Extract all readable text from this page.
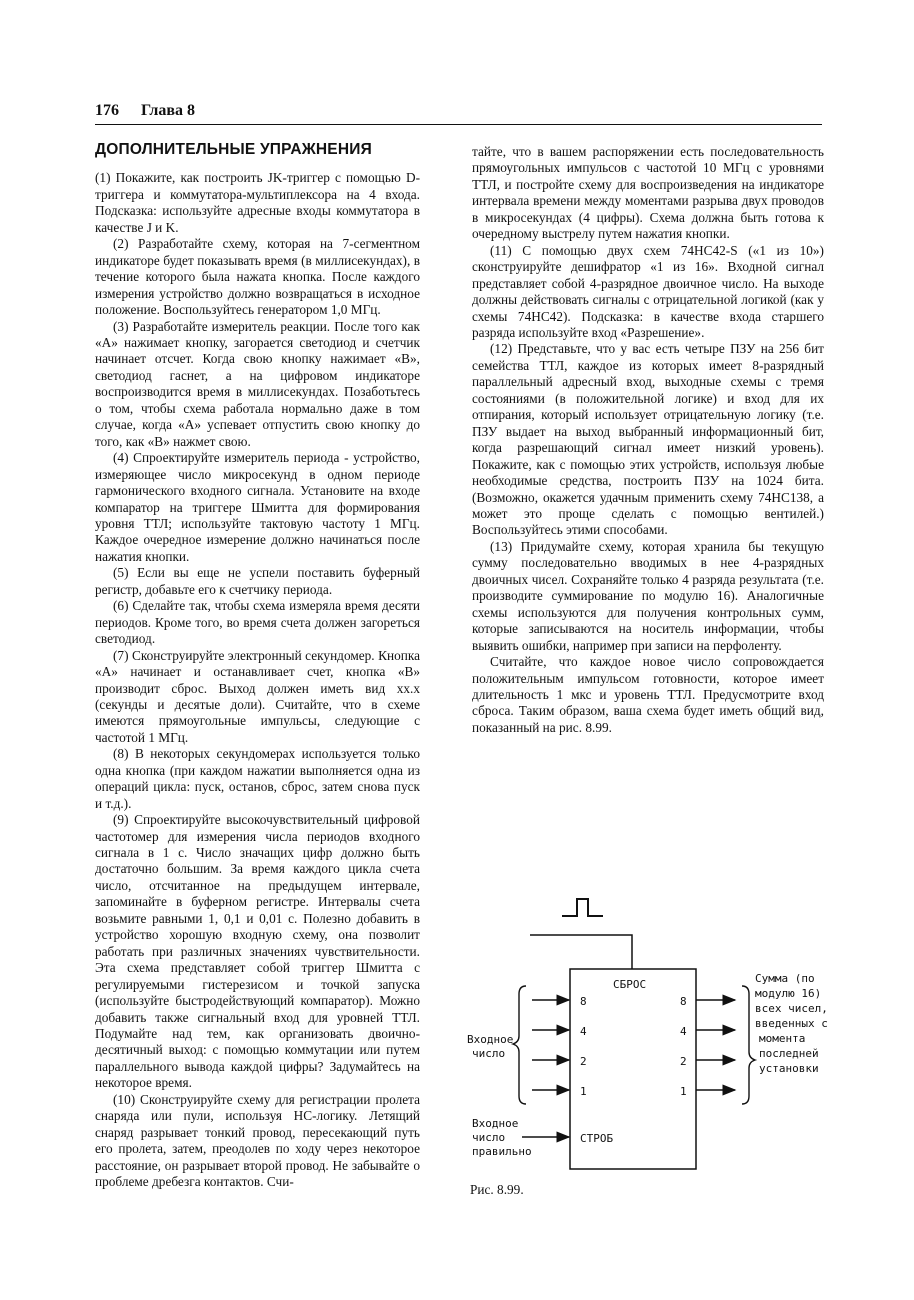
176 Глава 8
ДОПОЛНИТЕЛЬНЫЕ УПРАЖНЕНИЯ

(1) Покажите, как построить JK-триггер с помощью D-триггера и коммутатора-мультиплексора на 4 входа. Подсказка: используйте адресные входы коммутатора в качестве J и K.

(2) Разработайте схему, которая на 7-сегментном индикаторе будет показывать время (в миллисекундах), в течение которого была нажата кнопка. После каждого измерения устройство должно возвращаться в исходное положение. Воспользуйтесь генератором 1,0 МГц.

(3) Разработайте измеритель реакции. После того как «А» нажимает кнопку, загорается светодиод и счетчик начинает отсчет. Когда свою кнопку нажимает «В», светодиод гаснет, а на цифровом индикаторе воспроизводится время в миллисекундах. Позаботьтесь о том, чтобы схема работала нормально даже в том случае, когда «А» успевает отпустить свою кнопку до того, как «В» нажмет свою.

(4) Спроектируйте измеритель периода - устройство, измеряющее число микросекунд в одном периоде гармонического входного сигнала. Установите на входе компаратор на триггере Шмитта для формирования уровня ТТЛ; используйте тактовую частоту 1 МГц. Каждое очередное измерение должно начинаться после нажатия кнопки.

(5) Если вы еще не успели поставить буферный регистр, добавьте его к счетчику периода.

(6) Сделайте так, чтобы схема измеряла время десяти периодов. Кроме того, во время счета должен загореться светодиод.

(7) Сконструируйте электронный секундомер. Кнопка «А» начинает и останавливает счет, кнопка «В» производит сброс. Выход должен иметь вид xx.x (секунды и десятые доли). Считайте, что в схеме имеются прямоугольные импульсы, следующие с частотой 1 МГц.

(8) В некоторых секундомерах используется только одна кнопка (при каждом нажатии выполняется одна из операций цикла: пуск, останов, сброс, затем снова пуск и т.д.).

(9) Спроектируйте высокочувствительный цифровой частотомер для измерения числа периодов входного сигнала в 1 с. Число значащих цифр должно быть достаточно большим. За время каждого цикла счета число, отсчитанное на предыдущем интервале, запоминайте в буферном регистре. Интервалы счета возьмите равными 1, 0,1 и 0,01 с. Полезно добавить в устройство хорошую входную схему, она позволит работать при различных значениях чувствительности. Эта схема представляет собой триггер Шмитта с регулируемыми гистерезисом и точкой запуска (используйте быстродействующий компаратор). Можно добавить также сигнальный вход для уровней ТТЛ. Подумайте над тем, как организовать двоично-десятичный выход: с помощью коммутации или путем параллельного вывода каждой цифры? Задумайтесь на некоторое время.

(10) Сконструируйте схему для регистрации пролета снаряда или пули, используя НС-логику. Летящий снаряд разрывает тонкий провод, пересекающий путь его пролета, затем, преодолев по ходу через некоторое расстояние, он разрывает второй провод. Не забывайте о проблеме дребезга контактов. Счи-

тайте, что в вашем распоряжении есть последовательность прямоугольных импульсов с частотой 10 МГц с уровнями ТТЛ, и постройте схему для воспроизведения на индикаторе интервала времени между моментами разрыва двух проводов в микросекундах (4 цифры). Схема должна быть готова к очередному выстрелу путем нажатия кнопки.

(11) С помощью двух схем 74НС42-S («1 из 10») сконструируйте дешифратор «1 из 16». Входной сигнал представляет собой 4-разрядное двоичное число. На выходе должны действовать сигналы с отрицательной логикой (как у схемы 74НС42). Подсказка: в качестве входа старшего разряда используйте вход «Разрешение».

(12) Представьте, что у вас есть четыре ПЗУ на 256 бит семейства ТТЛ, каждое из которых имеет 8-разрядный параллельный адресный вход, выходные схемы с тремя состояниями (в положительной логике) и вход для их отпирания, который использует отрицательную логику (т.е. ПЗУ выдает на выход выбранный информационный бит, когда разрешающий сигнал имеет низкий уровень). Покажите, как с помощью этих устройств, используя любые необходимые средства, построить ПЗУ на 1024 бита. (Возможно, окажется удачным применить схему 74НС138, а может это проще сделать с помощью вентилей.) Воспользуйтесь этими способами.

(13) Придумайте схему, которая хранила бы текущую сумму последовательно вводимых в нее 4-разрядных двоичных чисел. Сохраняйте только 4 разряда результата (т.е. производите суммирование по модулю 16). Аналогичные схемы используются для получения контрольных сумм, которые записываются на носитель информации, чтобы выявить ошибки, например при записи на перфоленту.

Считайте, что каждое новое число сопровождается положительным импульсом готовности, которое имеет длительность 1 мкс и уровень ТТЛ. Предусмотрите вход сброса. Таким образом, ваша схема будет иметь общий вид, показанный на рис. 8.99.

СБРОС
СТРОБ
8
4
2
1
8
4
2
1
Входное число
Входное число правильно
Сумма (по модулю 16) всех чисел, введенных с момента последней установки
Рис. 8.99.
